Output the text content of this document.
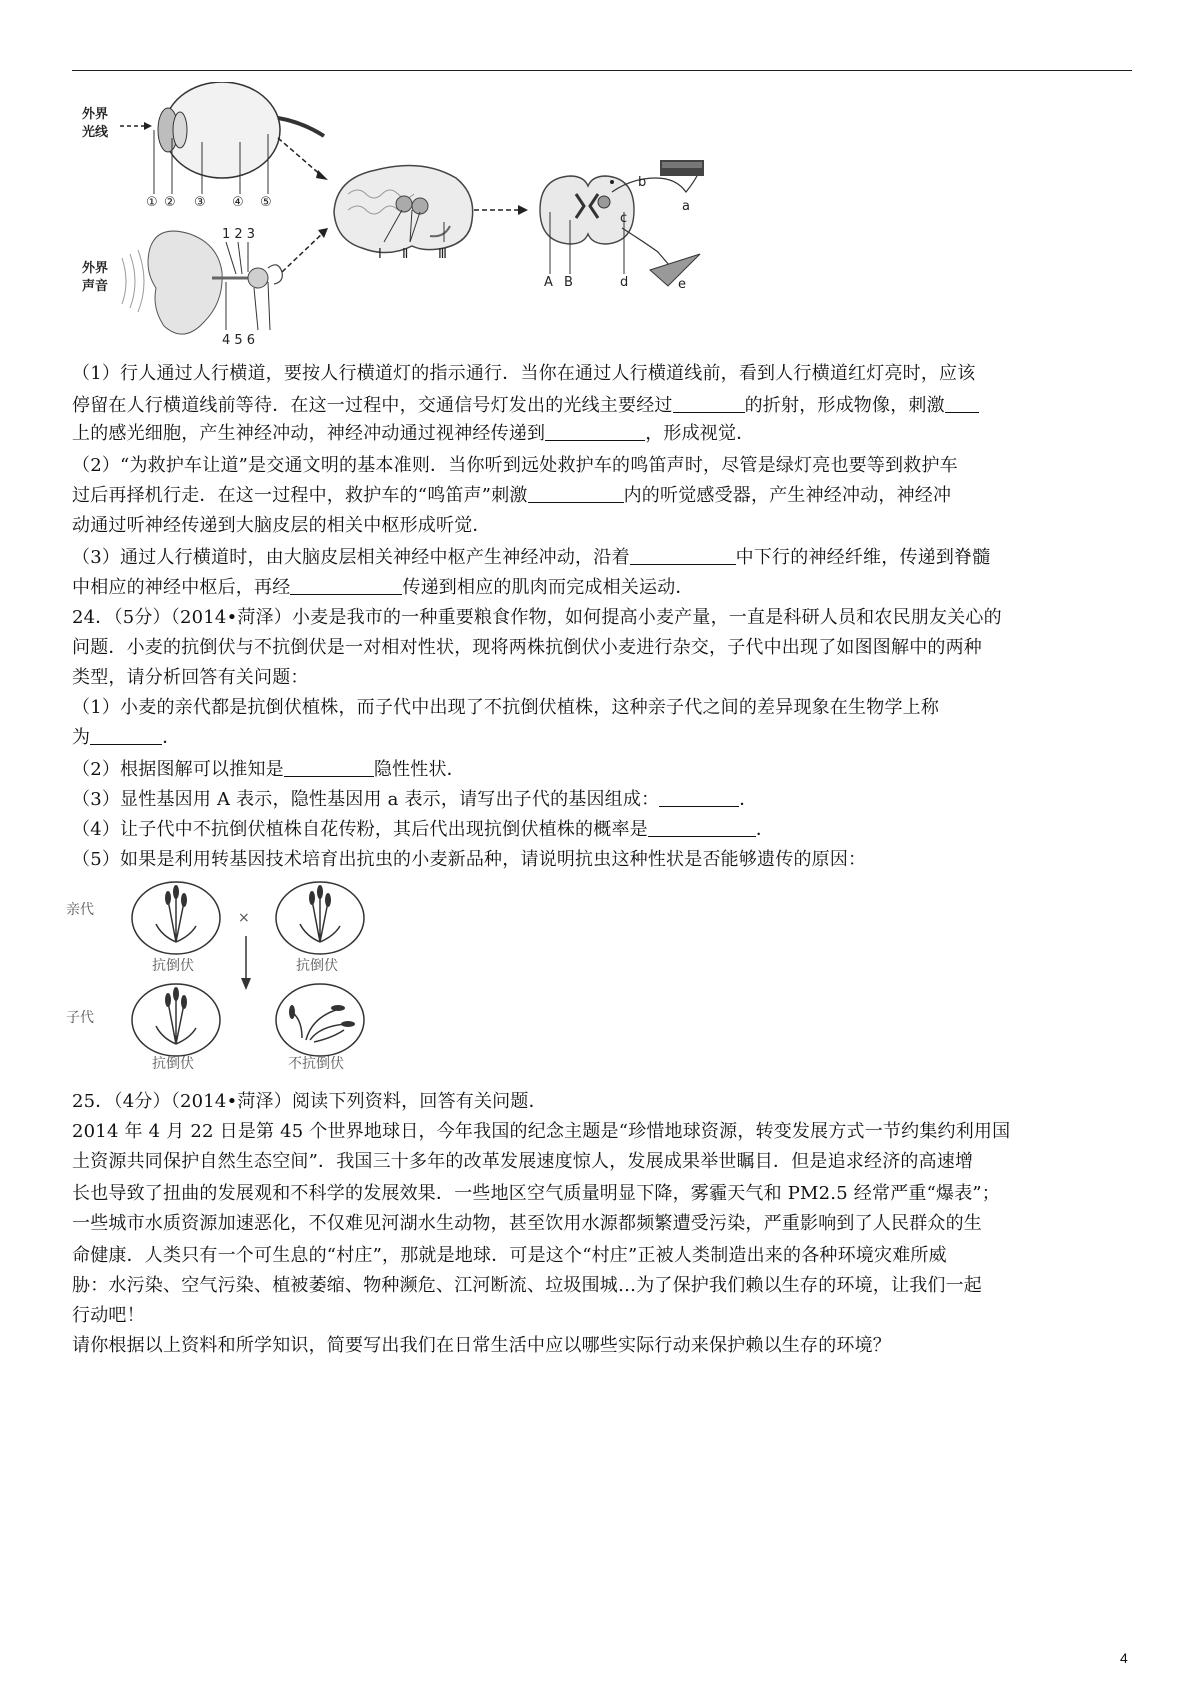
外界
光线
① ② ③ ④ ⑤
外界
声音
1 2 3
4 5 6
Ⅰ Ⅱ Ⅲ
A B
a
b
c
d	e
（1）行人通过人行横道，要按人行横道灯的指示通行．当你在通过人行横道线前，看到人行横道红灯亮时，应该
停留在人行横道线前等待．在这一过程中，交通信号灯发出的光线主要经过	的折射，形成物像，刺激
上的感光细胞，产生神经冲动，神经冲动通过视神经传递到	，形成视觉．
（2）“为救护车让道”是交通文明的基本准则．当你听到远处救护车的鸣笛声时，尽管是绿灯亮也要等到救护车
过后再择机行走．在这一过程中，救护车的“鸣笛声”刺激	内的听觉感受器，产生神经冲动，神经冲
动通过听神经传递到大脑皮层的相关中枢形成听觉．
（3）通过人行横道时，由大脑皮层相关神经中枢产生神经冲动，沿着	中下行的神经纤维，传递到脊髓
中相应的神经中枢后，再经	传递到相应的肌肉而完成相关运动．
24．（5分）（2014•菏泽）小麦是我市的一种重要粮食作物，如何提高小麦产量，一直是科研人员和农民朋友关心的
问题．小麦的抗倒伏与不抗倒伏是一对相对性状，现将两株抗倒伏小麦进行杂交，子代中出现了如图图解中的两种
类型，请分析回答有关问题：
（1）小麦的亲代都是抗倒伏植株，而子代中出现了不抗倒伏植株，这种亲子代之间的差异现象在生物学上称
为	．
（2）根据图解可以推知是	隐性性状．
（3）显性基因用 A 表示，隐性基因用 a 表示，请写出子代的基因组成：	．
（4）让子代中不抗倒伏植株自花传粉，其后代出现抗倒伏植株的概率是	．
（5）如果是利用转基因技术培育出抗虫的小麦新品种，请说明抗虫这种性状是否能够遗传的原因：
亲代
子代
×
抗倒伏	抗倒伏
抗倒伏	不抗倒伏
25．（4分）（2014•菏泽）阅读下列资料，回答有关问题．
2014 年 4 月 22 日是第 45 个世界地球日，今年我国的纪念主题是“珍惜地球资源，转变发展方式一节约集约利用国
土资源共同保护自然生态空间”．我国三十多年的改革发展速度惊人，发展成果举世瞩目．但是追求经济的高速增
长也导致了扭曲的发展观和不科学的发展效果．一些地区空气质量明显下降，雾霾天气和 PM2.5 经常严重“爆表”；
一些城市水质资源加速恶化，不仅难见河湖水生动物，甚至饮用水源都频繁遭受污染，严重影响到了人民群众的生
命健康．人类只有一个可生息的“村庄”，那就是地球．可是这个“村庄”正被人类制造出来的各种环境灾难所威
胁：水污染、空气污染、植被萎缩、物种濒危、江河断流、垃圾围城…为了保护我们赖以生存的环境，让我们一起
行动吧！
请你根据以上资料和所学知识，简要写出我们在日常生活中应以哪些实际行动来保护赖以生存的环境？
4
